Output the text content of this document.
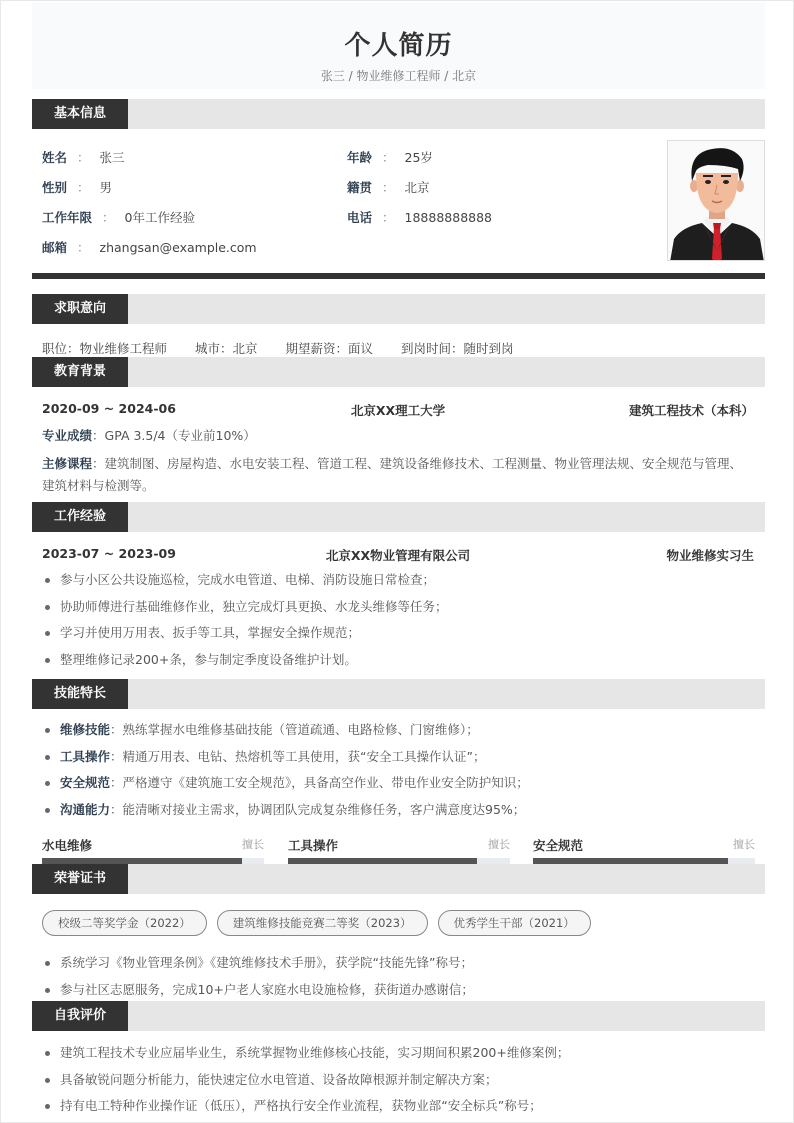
个人简历
张三 / 物业维修工程师 / 北京
基本信息
姓名 ： 张三	年龄 ： 25岁
性别 ： 男	籍贯 ： 北京
工作年限 ： 0年工作经验	电话 ： 18888888888
邮箱 ： zhangsan@example.com
求职意向
职位：物业维修工程师 城市：北京 期望薪资：面议 到岗时间：随时到岗
教育背景
2020-09 ~ 2024-06	北京XX理工大学	建筑工程技术（本科）
专业成绩：GPA 3.5/4（专业前10%）
主修课程：建筑制图、房屋构造、水电安装工程、管道工程、建筑设备维修技术、工程测量、物业管理法规、安全规范与管理、建筑材料与检测等。
工作经验
2023-07 ~ 2023-09	北京XX物业管理有限公司	物业维修实习生
参与小区公共设施巡检，完成水电管道、电梯、消防设施日常检查；
协助师傅进行基础维修作业，独立完成灯具更换、水龙头维修等任务；
学习并使用万用表、扳手等工具，掌握安全操作规范；
整理维修记录200+条，参与制定季度设备维护计划。
技能特长
维修技能：熟练掌握水电维修基础技能（管道疏通、电路检修、门窗维修）；
工具操作：精通万用表、电钻、热熔机等工具使用，获“安全工具操作认证”；
安全规范：严格遵守《建筑施工安全规范》，具备高空作业、带电作业安全防护知识；
沟通能力：能清晰对接业主需求，协调团队完成复杂维修任务，客户满意度达95%；
水电维修	擅长 工具操作	擅长 安全规范	擅长
荣誉证书
校级二等奖学金（2022）	建筑维修技能竞赛二等奖（2023）	优秀学生干部（2021）
系统学习《物业管理条例》《建筑维修技术手册》，获学院“技能先锋”称号；
参与社区志愿服务，完成10+户老人家庭水电设施检修，获街道办感谢信；
自我评价
建筑工程技术专业应届毕业生，系统掌握物业维修核心技能，实习期间积累200+维修案例；
具备敏锐问题分析能力，能快速定位水电管道、设备故障根源并制定解决方案；
持有电工特种作业操作证（低压），严格执行安全作业流程，获物业部“安全标兵”称号；
